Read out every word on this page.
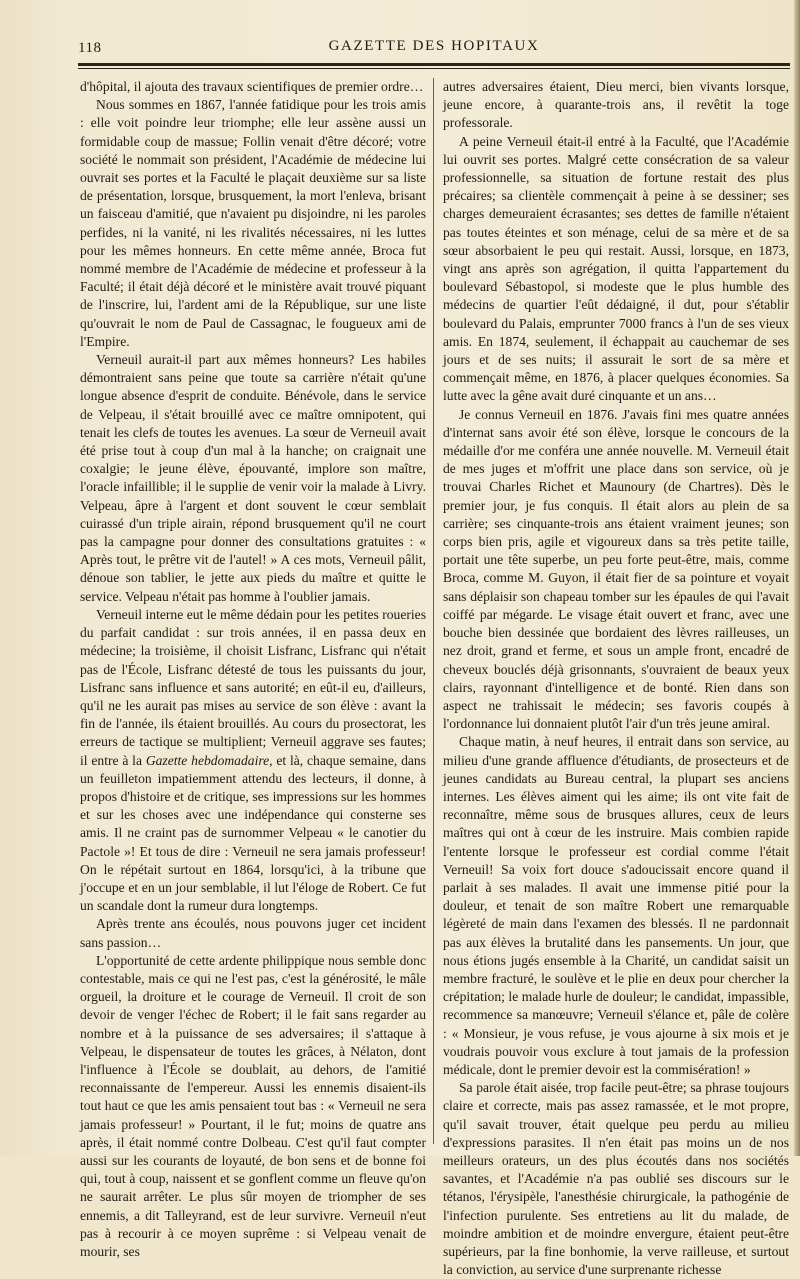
118	GAZETTE DES HOPITAUX

d'hôpital, il ajouta des travaux scientifiques de premier ordre…

Nous sommes en 1867, l'année fatidique pour les trois amis : elle voit poindre leur triomphe; elle leur assène aussi un formidable coup de massue; Follin venait d'être décoré; votre société le nommait son président, l'Académie de médecine lui ouvrait ses portes et la Faculté le plaçait deuxième sur sa liste de présentation, lorsque, brusquement, la mort l'enleva, brisant un faisceau d'amitié, que n'avaient pu disjoindre, ni les paroles perfides, ni la vanité, ni les rivalités nécessaires, ni les luttes pour les mêmes honneurs. En cette même année, Broca fut nommé membre de l'Académie de médecine et professeur à la Faculté; il était déjà décoré et le ministère avait trouvé piquant de l'inscrire, lui, l'ardent ami de la République, sur une liste qu'ouvrait le nom de Paul de Cassagnac, le fougueux ami de l'Empire.

Verneuil aurait-il part aux mêmes honneurs? Les habiles démontraient sans peine que toute sa carrière n'était qu'une longue absence d'esprit de conduite. Bénévole, dans le service de Velpeau, il s'était brouillé avec ce maître omnipotent, qui tenait les clefs de toutes les avenues. La sœur de Verneuil avait été prise tout à coup d'un mal à la hanche; on craignait une coxalgie; le jeune élève, épouvanté, implore son maître, l'oracle infaillible; il le supplie de venir voir la malade à Livry. Velpeau, âpre à l'argent et dont souvent le cœur semblait cuirassé d'un triple airain, répond brusquement qu'il ne court pas la campagne pour donner des consultations gratuites : « Après tout, le prêtre vit de l'autel! » A ces mots, Verneuil pâlit, dénoue son tablier, le jette aux pieds du maître et quitte le service. Velpeau n'était pas homme à l'oublier jamais.

Verneuil interne eut le même dédain pour les petites roueries du parfait candidat : sur trois années, il en passa deux en médecine; la troisième, il choisit Lisfranc, Lisfranc qui n'était pas de l'École, Lisfranc détesté de tous les puissants du jour, Lisfranc sans influence et sans autorité; en eût-il eu, d'ailleurs, qu'il ne les aurait pas mises au service de son élève : avant la fin de l'année, ils étaient brouillés. Au cours du prosectorat, les erreurs de tactique se multiplient; Verneuil aggrave ses fautes; il entre à la Gazette hebdomadaire, et là, chaque semaine, dans un feuilleton impatiemment attendu des lecteurs, il donne, à propos d'histoire et de critique, ses impressions sur les hommes et sur les choses avec une indépendance qui consterne ses amis. Il ne craint pas de surnommer Velpeau « le canotier du Pactole »! Et tous de dire : Verneuil ne sera jamais professeur! On le répétait surtout en 1864, lorsqu'ici, à la tribune que j'occupe et en un jour semblable, il lut l'éloge de Robert. Ce fut un scandale dont la rumeur dura longtemps.

Après trente ans écoulés, nous pouvons juger cet incident sans passion…

L'opportunité de cette ardente philippique nous semble donc contestable, mais ce qui ne l'est pas, c'est la générosité, le mâle orgueil, la droiture et le courage de Verneuil. Il croit de son devoir de venger l'échec de Robert; il le fait sans regarder au nombre et à la puissance de ses adversaires; il s'attaque à Velpeau, le dispensateur de toutes les grâces, à Nélaton, dont l'influence à l'École se doublait, au dehors, de l'amitié reconnaissante de l'empereur. Aussi les ennemis disaient-ils tout haut ce que les amis pensaient tout bas : « Verneuil ne sera jamais professeur! » Pourtant, il le fut; moins de quatre ans après, il était nommé contre Dolbeau. C'est qu'il faut compter aussi sur les courants de loyauté, de bon sens et de bonne foi qui, tout à coup, naissent et se gonflent comme un fleuve qu'on ne saurait arrêter. Le plus sûr moyen de triompher de ses ennemis, a dit Talleyrand, est de leur survivre. Verneuil n'eut pas à recourir à ce moyen suprême : si Velpeau venait de mourir, ses

autres adversaires étaient, Dieu merci, bien vivants lorsque, jeune encore, à quarante-trois ans, il revêtit la toge professorale.

A peine Verneuil était-il entré à la Faculté, que l'Académie lui ouvrit ses portes. Malgré cette consécration de sa valeur professionnelle, sa situation de fortune restait des plus précaires; sa clientèle commençait à peine à se dessiner; ses charges demeuraient écrasantes; ses dettes de famille n'étaient pas toutes éteintes et son ménage, celui de sa mère et de sa sœur absorbaient le peu qui restait. Aussi, lorsque, en 1873, vingt ans après son agrégation, il quitta l'appartement du boulevard Sébastopol, si modeste que le plus humble des médecins de quartier l'eût dédaigné, il dut, pour s'établir boulevard du Palais, emprunter 7000 francs à l'un de ses vieux amis. En 1874, seulement, il échappait au cauchemar de ses jours et de ses nuits; il assurait le sort de sa mère et commençait même, en 1876, à placer quelques économies. Sa lutte avec la gêne avait duré cinquante et un ans…

Je connus Verneuil en 1876. J'avais fini mes quatre années d'internat sans avoir été son élève, lorsque le concours de la médaille d'or me conféra une année nouvelle. M. Verneuil était de mes juges et m'offrit une place dans son service, où je trouvai Charles Richet et Maunoury (de Chartres). Dès le premier jour, je fus conquis. Il était alors au plein de sa carrière; ses cinquante-trois ans étaient vraiment jeunes; son corps bien pris, agile et vigoureux dans sa très petite taille, portait une tête superbe, un peu forte peut-être, mais, comme Broca, comme M. Guyon, il était fier de sa pointure et voyait sans déplaisir son chapeau tomber sur les épaules de qui l'avait coiffé par mégarde. Le visage était ouvert et franc, avec une bouche bien dessinée que bordaient des lèvres railleuses, un nez droit, grand et ferme, et sous un ample front, encadré de cheveux bouclés déjà grisonnants, s'ouvraient de beaux yeux clairs, rayonnant d'intelligence et de bonté. Rien dans son aspect ne trahissait le médecin; ses favoris coupés à l'ordonnance lui donnaient plutôt l'air d'un très jeune amiral.

Chaque matin, à neuf heures, il entrait dans son service, au milieu d'une grande affluence d'étudiants, de prosecteurs et de jeunes candidats au Bureau central, la plupart ses anciens internes. Les élèves aiment qui les aime; ils ont vite fait de reconnaître, même sous de brusques allures, ceux de leurs maîtres qui ont à cœur de les instruire. Mais combien rapide l'entente lorsque le professeur est cordial comme l'était Verneuil! Sa voix fort douce s'adoucissait encore quand il parlait à ses malades. Il avait une immense pitié pour la douleur, et tenait de son maître Robert une remarquable légèreté de main dans l'examen des blessés. Il ne pardonnait pas aux élèves la brutalité dans les pansements. Un jour, que nous étions jugés ensemble à la Charité, un candidat saisit un membre fracturé, le soulève et le plie en deux pour chercher la crépitation; le malade hurle de douleur; le candidat, impassible, recommence sa manœuvre; Verneuil s'élance et, pâle de colère : « Monsieur, je vous refuse, je vous ajourne à six mois et je voudrais pouvoir vous exclure à tout jamais de la profession médicale, dont le premier devoir est la commisération! »

Sa parole était aisée, trop facile peut-être; sa phrase toujours claire et correcte, mais pas assez ramassée, et le mot propre, qu'il savait trouver, était quelque peu perdu au milieu d'expressions parasites. Il n'en était pas moins un de nos meilleurs orateurs, un des plus écoutés dans nos sociétés savantes, et l'Académie n'a pas oublié ses discours sur le tétanos, l'érysipèle, l'anesthésie chirurgicale, la pathogénie de l'infection purulente. Ses entretiens au lit du malade, de moindre ambition et de moindre envergure, étaient peut-être supérieurs, par la fine bonhomie, la verve railleuse, et surtout la conviction, au service d'une surprenante richesse
